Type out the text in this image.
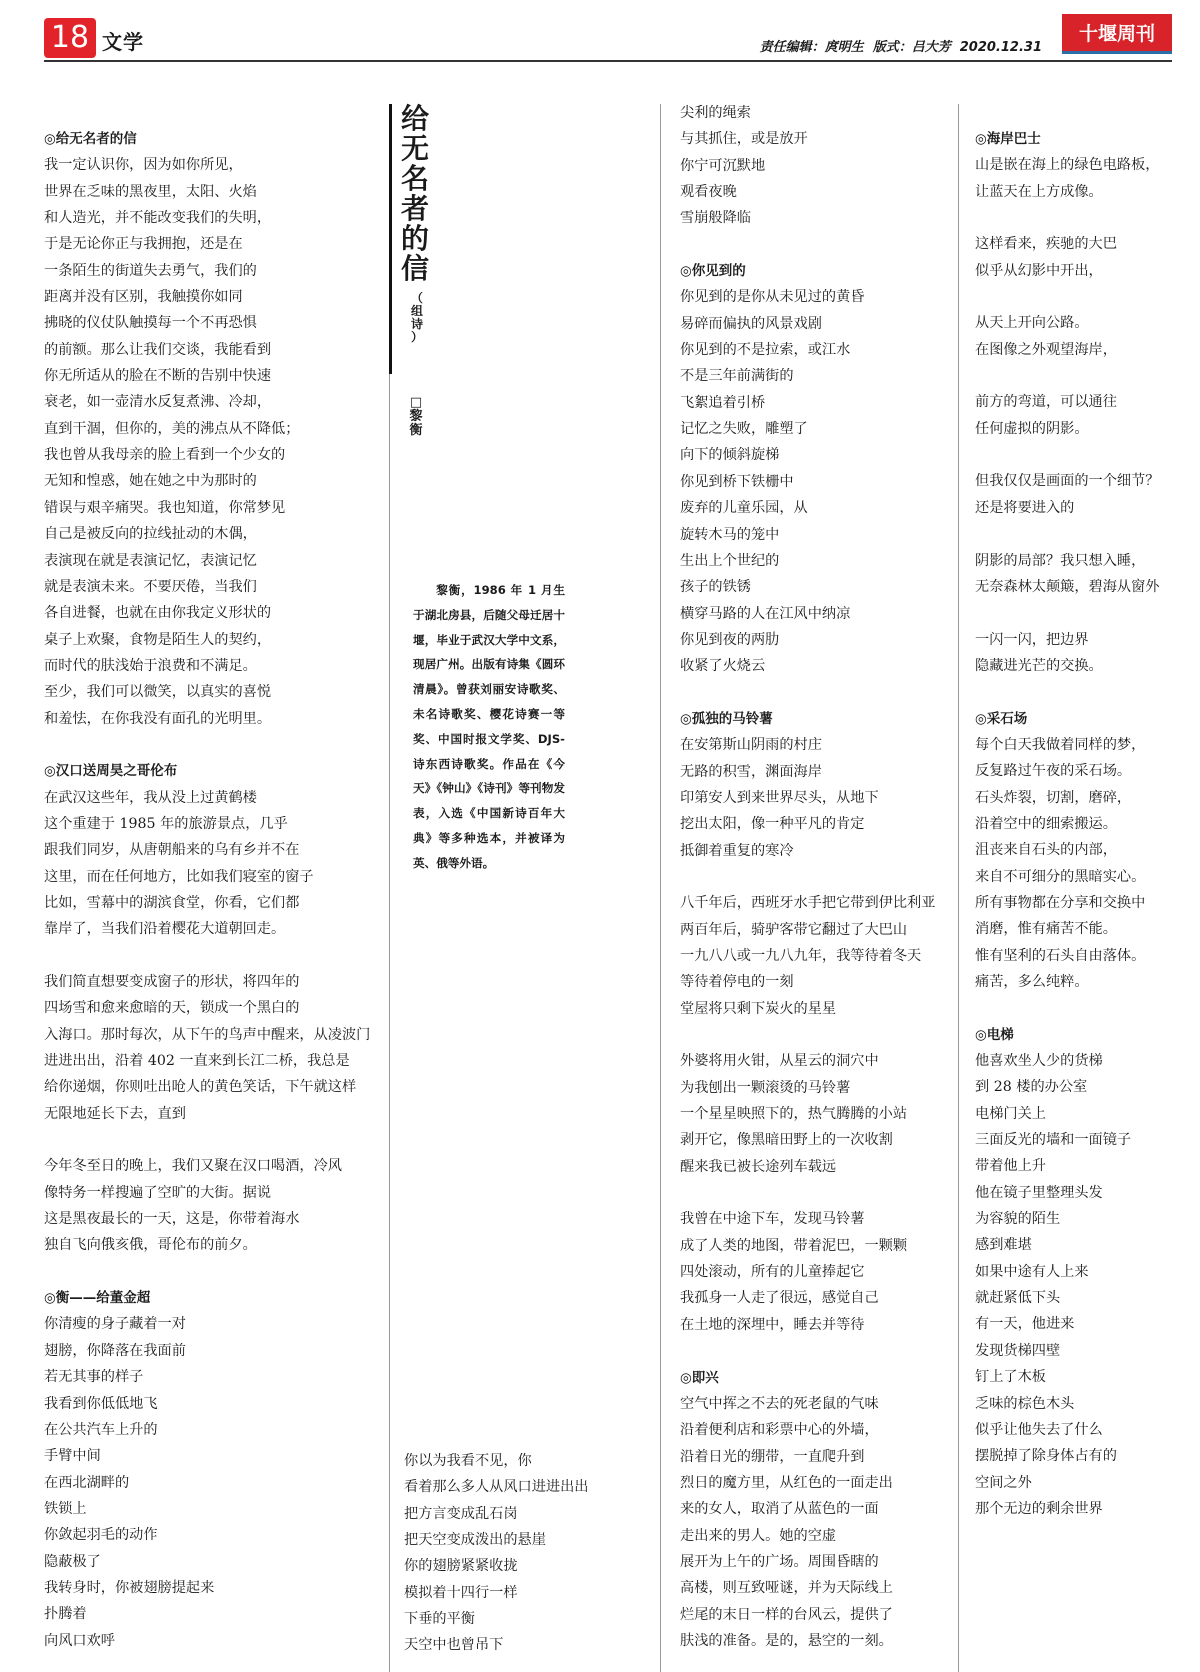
18 文学	责任编辑：庹明生  版式：吕大芳  2020.12.31
十堰周刊
◎给无名者的信
我一定认识你，因为如你所见，
世界在乏味的黑夜里，太阳、火焰
和人造光，并不能改变我们的失明，
于是无论你正与我拥抱，还是在
一条陌生的街道失去勇气，我们的
距离并没有区别，我触摸你如同
拂晓的仪仗队触摸每一个不再恐惧
的前额。那么让我们交谈，我能看到
你无所适从的脸在不断的告别中快速
衰老，如一壶清水反复煮沸、冷却，
直到干涸，但你的，美的沸点从不降低；
我也曾从我母亲的脸上看到一个少女的
无知和惶惑，她在她之中为那时的
错误与艰辛痛哭。我也知道，你常梦见
自己是被反向的拉线扯动的木偶，
表演现在就是表演记忆，表演记忆
就是表演未来。不要厌倦，当我们
各自进餐，也就在由你我定义形状的
桌子上欢聚，食物是陌生人的契约，
而时代的肤浅始于浪费和不满足。
至少，我们可以微笑，以真实的喜悦
和羞怯，在你我没有面孔的光明里。
◎汉口送周昊之哥伦布
在武汉这些年，我从没上过黄鹤楼
这个重建于 1985 年的旅游景点，几乎
跟我们同岁，从唐朝船来的乌有乡并不在
这里，而在任何地方，比如我们寝室的窗子
比如，雪幕中的湖滨食堂，你看，它们都
靠岸了，当我们沿着樱花大道朝回走。
我们简直想要变成窗子的形状，将四年的
四场雪和愈来愈暗的天，锁成一个黑白的
入海口。那时每次，从下午的鸟声中醒来，从凌波门
进进出出，沿着 402 一直来到长江二桥，我总是
给你递烟，你则吐出呛人的黄色笑话，下午就这样
无限地延长下去，直到
今年冬至日的晚上，我们又聚在汉口喝酒，冷风
像特务一样搜遍了空旷的大街。据说
这是黑夜最长的一天，这是，你带着海水
独自飞向俄亥俄，哥伦布的前夕。
◎衡——给董金超
你清瘦的身子藏着一对
翅膀，你降落在我面前
若无其事的样子
我看到你低低地飞
在公共汽车上升的
手臂中间
在西北湖畔的
铁锁上
你敛起羽毛的动作
隐蔽极了
我转身时，你被翅膀提起来
扑腾着
向风口欢呼
给
无
名
者
的
信
（
组
诗
）
□
黎
衡
黎衡，1986 年 1 月生于湖北房县，后随父母迁居十堰，毕业于武汉大学中文系，现居广州。出版有诗集《圆环清晨》。曾获刘丽安诗歌奖、未名诗歌奖、樱花诗赛一等奖、中国时报文学奖、DJS-诗东西诗歌奖。作品在《今天》《钟山》《诗刊》等刊物发表，入选《中国新诗百年大典》等多种选本，并被译为英、俄等外语。
你以为我看不见，你
看着那么多人从风口进进出出
把方言变成乱石岗
把天空变成泼出的悬崖
你的翅膀紧紧收拢
模拟着十四行一样
下垂的平衡
天空中也曾吊下
尖利的绳索
与其抓住，或是放开
你宁可沉默地
观看夜晚
雪崩般降临
◎你见到的
你见到的是你从未见过的黄昏
易碎而偏执的风景戏剧
你见到的不是拉索，或江水
不是三年前满街的
飞絮追着引桥
记忆之失败，雕塑了
向下的倾斜旋梯
你见到桥下铁栅中
废弃的儿童乐园，从
旋转木马的笼中
生出上个世纪的
孩子的铁锈
横穿马路的人在江风中纳凉
你见到夜的两肋
收紧了火烧云
◎孤独的马铃薯
在安第斯山阴雨的村庄
无路的积雪，渊面海岸
印第安人到来世界尽头，从地下
挖出太阳，像一种平凡的肯定
抵御着重复的寒冷
八千年后，西班牙水手把它带到伊比利亚
两百年后，骑驴客带它翻过了大巴山
一九八八或一九八九年，我等待着冬天
等待着停电的一刻
堂屋将只剩下炭火的星星
外婆将用火钳，从星云的洞穴中
为我刨出一颗滚烫的马铃薯
一个星星映照下的，热气腾腾的小站
剥开它，像黑暗田野上的一次收割
醒来我已被长途列车载远
我曾在中途下车，发现马铃薯
成了人类的地图，带着泥巴，一颗颗
四处滚动，所有的儿童捧起它
我孤身一人走了很远，感觉自己
在土地的深埋中，睡去并等待
◎即兴
空气中挥之不去的死老鼠的气味
沿着便利店和彩票中心的外墙，
沿着日光的绷带，一直爬升到
烈日的魔方里，从红色的一面走出
来的女人，取消了从蓝色的一面
走出来的男人。她的空虚
展开为上午的广场。周围昏瞎的
高楼，则互致哑谜，并为天际线上
烂尾的末日一样的台风云，提供了
肤浅的准备。是的，悬空的一刻。
◎海岸巴士
山是嵌在海上的绿色电路板，
让蓝天在上方成像。
这样看来，疾驰的大巴
似乎从幻影中开出，
从天上开向公路。
在图像之外观望海岸，
前方的弯道，可以通往
任何虚拟的阴影。
但我仅仅是画面的一个细节？
还是将要进入的
阴影的局部？我只想入睡，
无奈森林太颠簸，碧海从窗外
一闪一闪，把边界
隐藏进光芒的交换。
◎采石场
每个白天我做着同样的梦，
反复路过午夜的采石场。
石头炸裂，切割，磨碎，
沿着空中的细索搬运。
沮丧来自石头的内部，
来自不可细分的黑暗实心。
所有事物都在分享和交换中
消磨，惟有痛苦不能。
惟有坚利的石头自由落体。
痛苦，多么纯粹。
◎电梯
他喜欢坐人少的货梯
到 28 楼的办公室
电梯门关上
三面反光的墙和一面镜子
带着他上升
他在镜子里整理头发
为容貌的陌生
感到难堪
如果中途有人上来
就赶紧低下头
有一天，他进来
发现货梯四壁
钉上了木板
乏味的棕色木头
似乎让他失去了什么
摆脱掉了除身体占有的
空间之外
那个无边的剩余世界
